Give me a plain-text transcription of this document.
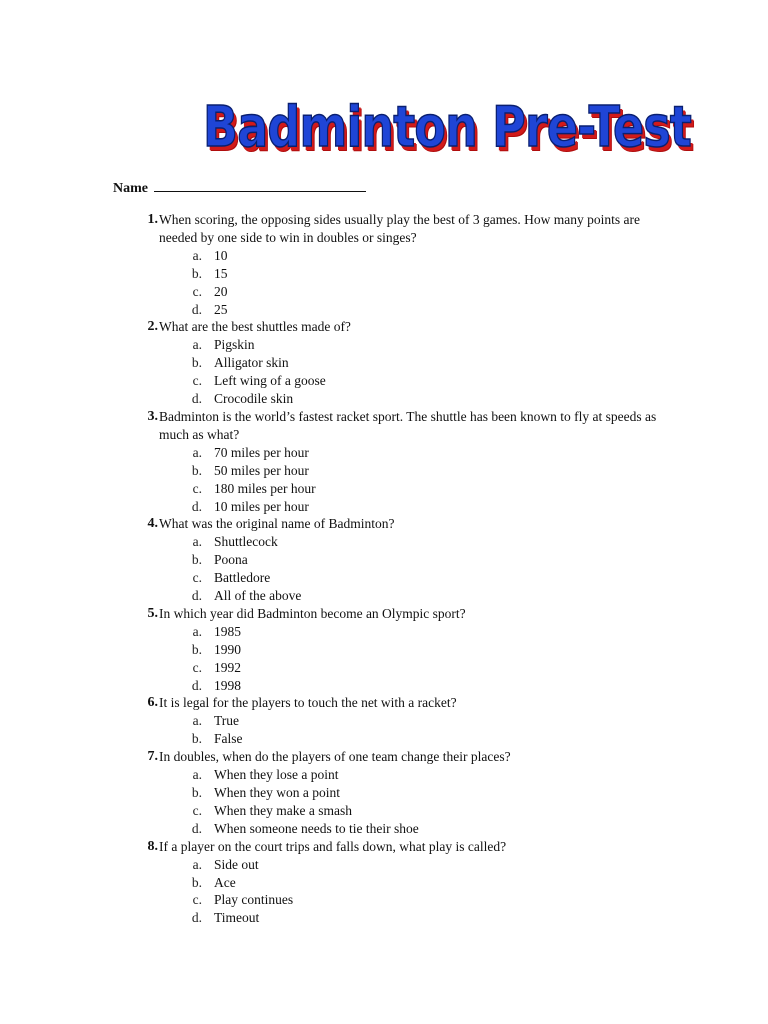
Badminton Pre-Test
Name
1. When scoring, the opposing sides usually play the best of 3 games. How many points are needed by one side to win in doubles or singes?
a. 10
b. 15
c. 20
d. 25
2. What are the best shuttles made of?
a. Pigskin
b. Alligator skin
c. Left wing of a goose
d. Crocodile skin
3. Badminton is the world’s fastest racket sport. The shuttle has been known to fly at speeds as much as what?
a. 70 miles per hour
b. 50 miles per hour
c. 180 miles per hour
d. 10 miles per hour
4. What was the original name of Badminton?
a. Shuttlecock
b. Poona
c. Battledore
d. All of the above
5. In which year did Badminton become an Olympic sport?
a. 1985
b. 1990
c. 1992
d. 1998
6. It is legal for the players to touch the net with a racket?
a. True
b. False
7. In doubles, when do the players of one team change their places?
a. When they lose a point
b. When they won a point
c. When they make a smash
d. When someone needs to tie their shoe
8. If a player on the court trips and falls down, what play is called?
a. Side out
b. Ace
c. Play continues
d. Timeout
